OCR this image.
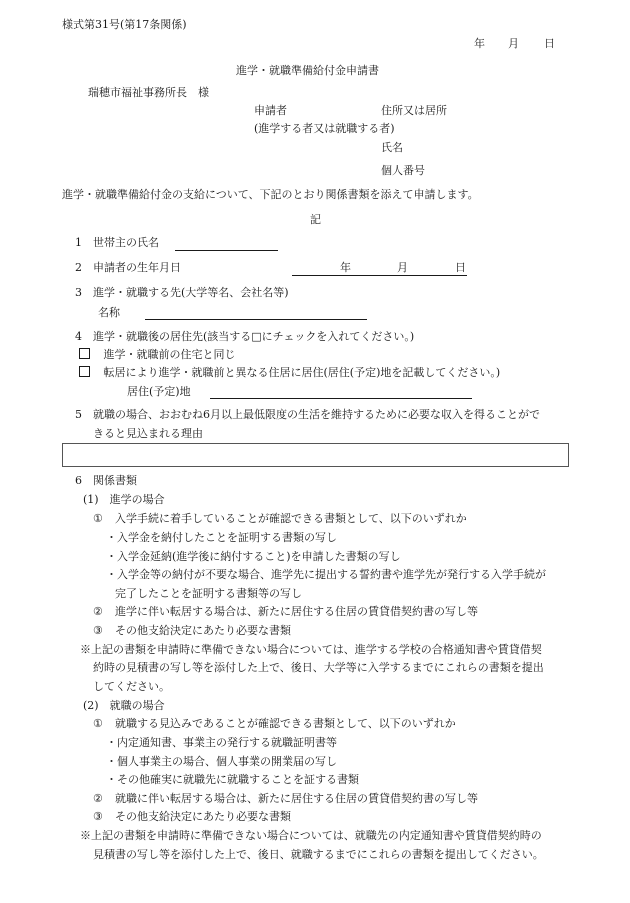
様式第31号(第17条関係)
年 月 日
進学・就職準備給付金申請書
瑞穂市福祉事務所長　様
申請者	住所又は居所
(進学する者又は就職する者)
氏名
個人番号
進学・就職準備給付金の支給について、下記のとおり関係書類を添えて申請します。
記
1 世帯主の氏名
2 申請者の生年月日	年	月	日
3 進学・就職する先(大学等名、会社名等)
名称
4 進学・就職後の居住先(該当する□にチェックを入れてください。)
進学・就職前の住宅と同じ
転居により進学・就職前と異なる住居に居住(居住(予定)地を記載してください。)
居住(予定)地
5 就職の場合、おおむね6月以上最低限度の生活を維持するために必要な収入を得ることがで
きると見込まれる理由
6 関係書類
(1)　進学の場合
① 入学手続に着手していることが確認できる書類として、以下のいずれか
・入学金を納付したことを証明する書類の写し
・入学金延納(進学後に納付すること)を申請した書類の写し
・入学金等の納付が不要な場合、進学先に提出する誓約書や進学先が発行する入学手続が
完了したことを証明する書類等の写し
② 進学に伴い転居する場合は、新たに居住する住居の賃貸借契約書の写し等
③ その他支給決定にあたり必要な書類
※上記の書類を申請時に準備できない場合については、進学する学校の合格通知書や賃貸借契
約時の見積書の写し等を添付した上で、後日、大学等に入学するまでにこれらの書類を提出
してください。
(2)　就職の場合
① 就職する見込みであることが確認できる書類として、以下のいずれか
・内定通知書、事業主の発行する就職証明書等
・個人事業主の場合、個人事業の開業届の写し
・その他確実に就職先に就職することを証する書類
② 就職に伴い転居する場合は、新たに居住する住居の賃貸借契約書の写し等
③ その他支給決定にあたり必要な書類
※上記の書類を申請時に準備できない場合については、就職先の内定通知書や賃貸借契約時の
見積書の写し等を添付した上で、後日、就職するまでにこれらの書類を提出してください。
